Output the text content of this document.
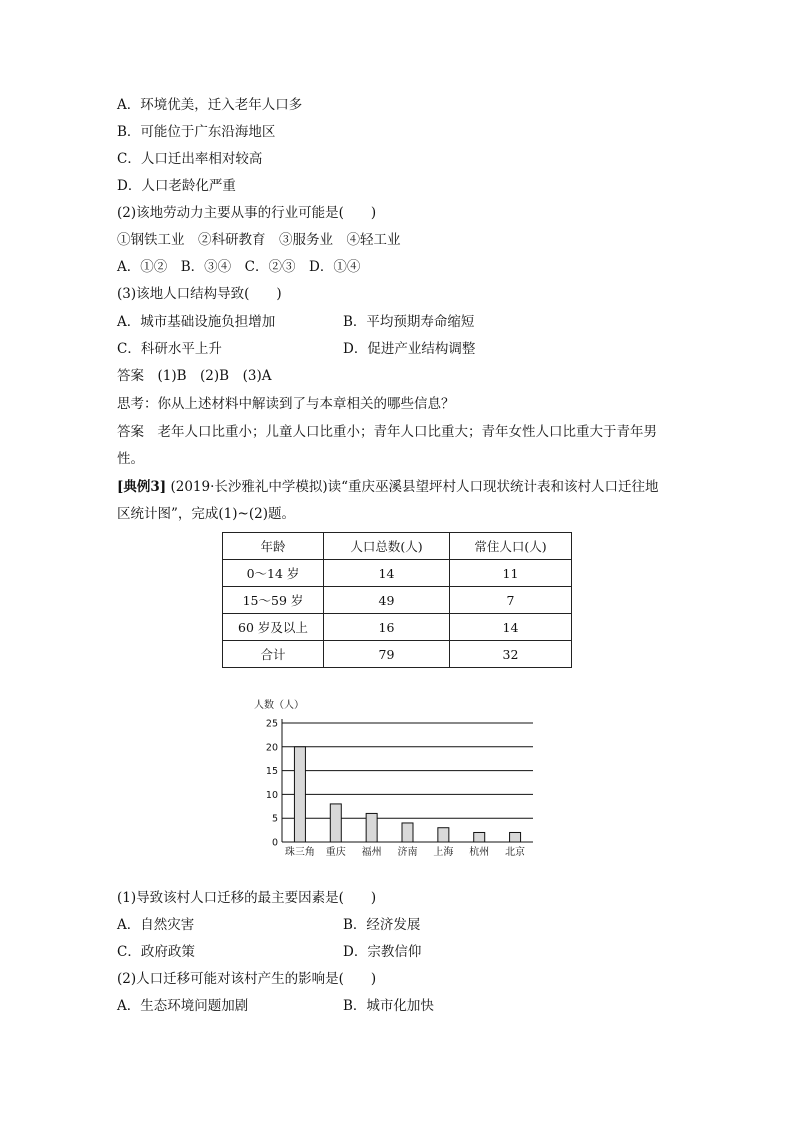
A．环境优美，迁入老年人口多
B．可能位于广东沿海地区
C．人口迁出率相对较高
D．人口老龄化严重
(2)该地劳动力主要从事的行业可能是(　　)
①钢铁工业　②科研教育　③服务业　④轻工业
A．①②　B．③④　C．②③　D．①④
(3)该地人口结构导致(　　)
A．城市基础设施负担增加	B．平均预期寿命缩短
C．科研水平上升	D．促进产业结构调整
答案　(1)B　(2)B　(3)A
思考：你从上述材料中解读到了与本章相关的哪些信息？
答案　老年人口比重小；儿童人口比重小；青年人口比重大；青年女性人口比重大于青年男
性。
[典例3] (2019·长沙雅礼中学模拟)读“重庆巫溪县望坪村人口现状统计表和该村人口迁往地
区统计图”，完成(1)~(2)题。
年龄	人口总数(人)	常住人口(人)
0～14 岁	14	11
15～59 岁	49	7
60 岁及以上	16	14
合计	79	32
人数（人）
0
5
10
15
20
25
珠三角 重庆 福州 济南 上海 杭州 北京
(1)导致该村人口迁移的最主要因素是(　　)
A．自然灾害	B．经济发展
C．政府政策	D．宗教信仰
(2)人口迁移可能对该村产生的影响是(　　)
A．生态环境问题加剧	B．城市化加快
